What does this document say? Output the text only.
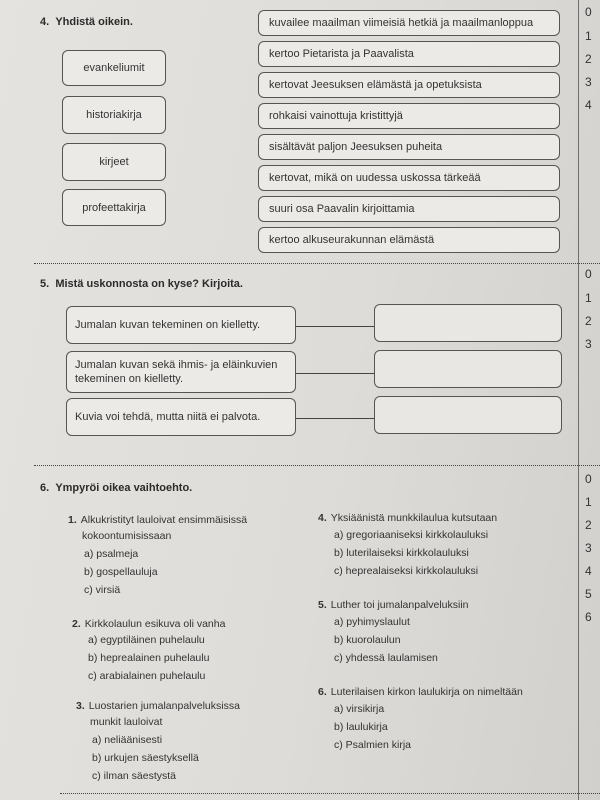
0
1
2
3
4
0
1
2
3
0
1
2
3
4
5
6
4. Yhdistä oikein.
evankeliumit
historiakirja
kirjeet
profeettakirja
kuvailee maailman viimeisiä hetkiä ja maailmanloppua
kertoo Pietarista ja Paavalista
kertovat Jeesuksen elämästä ja opetuksista
rohkaisi vainottuja kristittyjä
sisältävät paljon Jeesuksen puheita
kertovat, mikä on uudessa uskossa tärkeää
suuri osa Paavalin kirjoittamia
kertoo alkuseurakunnan elämästä
5. Mistä uskonnosta on kyse? Kirjoita.
Jumalan kuvan tekeminen on kielletty.
Jumalan kuvan sekä ihmis- ja eläinkuvien
tekeminen on kielletty.
Kuvia voi tehdä, mutta niitä ei palvota.
6. Ympyröi oikea vaihtoehto.
1. Alkukristityt lauloivat ensimmäisissä
kokoontumisissaan
a) psalmeja
b) gospellauluja
c) virsiä
2. Kirkkolaulun esikuva oli vanha
a) egyptiläinen puhelaulu
b) heprealainen puhelaulu
c) arabialainen puhelaulu
3. Luostarien jumalanpalveluksissa
munkit lauloivat
a) neliäänisesti
b) urkujen säestyksellä
c) ilman säestystä
4. Yksiäänistä munkkilaulua kutsutaan
a) gregoriaaniseksi kirkkolauluksi
b) luterilaiseksi kirkkolauluksi
c) heprealaiseksi kirkkolauluksi
5. Luther toi jumalanpalveluksiin
a) pyhimyslaulut
b) kuorolaulun
c) yhdessä laulamisen
6. Luterilaisen kirkon laulukirja on nimeltään
a) virsikirja
b) laulukirja
c) Psalmien kirja
